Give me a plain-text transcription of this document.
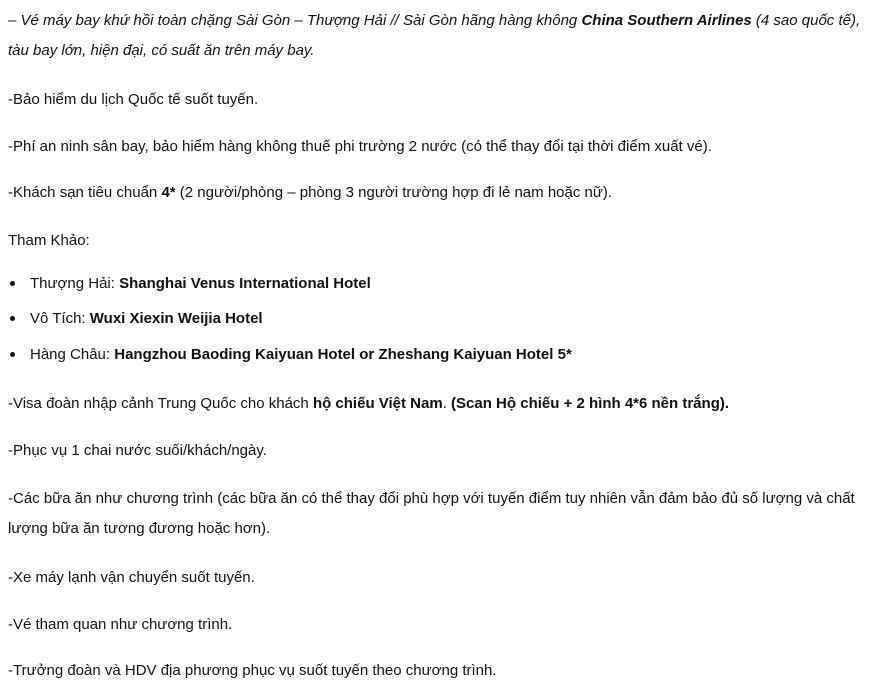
– Vé máy bay khứ hồi toàn chặng Sài Gòn – Thượng Hải // Sài Gòn hãng hàng không China Southern Airlines (4 sao quốc tế), tàu bay lớn, hiện đại, có suất ăn trên máy bay.

-Bảo hiểm du lịch Quốc tế suốt tuyến.

-Phí an ninh sân bay, bảo hiểm hàng không thuế phi trường 2 nước (có thể thay đổi tại thời điểm xuất vé).

-Khách sạn tiêu chuẩn 4* (2 người/phòng – phòng 3 người trường hợp đi lẻ nam hoặc nữ).

Tham Khảo:

Thượng Hải: Shanghai Venus International Hotel
Vô Tích: Wuxi Xiexin Weijia Hotel
Hàng Châu: Hangzhou Baoding Kaiyuan Hotel or Zheshang Kaiyuan Hotel 5*

-Visa đoàn nhập cảnh Trung Quốc cho khách hộ chiếu Việt Nam. (Scan Hộ chiếu + 2 hình 4*6 nền trắng).

-Phục vụ 1 chai nước suối/khách/ngày.

-Các bữa ăn như chương trình (các bữa ăn có thể thay đổi phù hợp với tuyến điểm tuy nhiên vẫn đảm bảo đủ số lượng và chất lượng bữa ăn tương đương hoặc hơn).

-Xe máy lạnh vận chuyển suốt tuyến.

-Vé tham quan như chương trình.

-Trưởng đoàn và HDV địa phương phục vụ suốt tuyến theo chương trình.
